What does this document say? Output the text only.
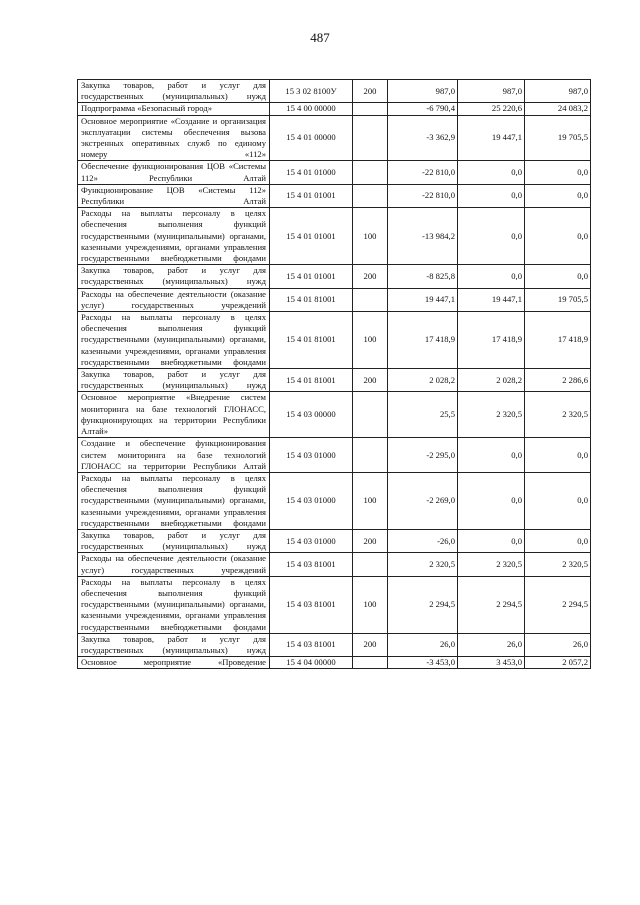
487
Закупка товаров, работ и услуг для государственных (муниципальных) нужд	15 3 02 8100У	200	987,0	987,0	987,0
Подпрограмма «Безопасный город»	15 4 00 00000		-6 790,4	25 220,6	24 083,2
Основное мероприятие «Создание и организация эксплуатации системы обеспечения вызова экстренных оперативных служб по единому номеру «112»	15 4 01 00000		-3 362,9	19 447,1	19 705,5
Обеспечение функционирования ЦОВ «Системы 112» Республики Алтай	15 4 01 01000		-22 810,0	0,0	0,0
Функционирование ЦОВ «Системы 112» Республики Алтай	15 4 01 01001		-22 810,0	0,0	0,0
Расходы на выплаты персоналу в целях обеспечения выполнения функций государственными (муниципальными) органами, казенными учреждениями, органами управления государственными внебюджетными фондами	15 4 01 01001	100	-13 984,2	0,0	0,0
Закупка товаров, работ и услуг для государственных (муниципальных) нужд	15 4 01 01001	200	-8 825,8	0,0	0,0
Расходы на обеспечение деятельности (оказание услуг) государственных учреждений	15 4 01 81001		19 447,1	19 447,1	19 705,5
Расходы на выплаты персоналу в целях обеспечения выполнения функций государственными (муниципальными) органами, казенными учреждениями, органами управления государственными внебюджетными фондами	15 4 01 81001	100	17 418,9	17 418,9	17 418,9
Закупка товаров, работ и услуг для государственных (муниципальных) нужд	15 4 01 81001	200	2 028,2	2 028,2	2 286,6
Основное мероприятие «Внедрение систем мониторинга на базе технологий ГЛОНАСС, функционирующих на территории Республики Алтай»	15 4 03 00000		25,5	2 320,5	2 320,5
Создание и обеспечение функционирования систем мониторинга на базе технологий ГЛОНАСС на территории Республики Алтай	15 4 03 01000		-2 295,0	0,0	0,0
Расходы на выплаты персоналу в целях обеспечения выполнения функций государственными (муниципальными) органами, казенными учреждениями, органами управления государственными внебюджетными фондами	15 4 03 01000	100	-2 269,0	0,0	0,0
Закупка товаров, работ и услуг для государственных (муниципальных) нужд	15 4 03 01000	200	-26,0	0,0	0,0
Расходы на обеспечение деятельности (оказание услуг) государственных учреждений	15 4 03 81001		2 320,5	2 320,5	2 320,5
Расходы на выплаты персоналу в целях обеспечения выполнения функций государственными (муниципальными) органами, казенными учреждениями, органами управления государственными внебюджетными фондами	15 4 03 81001	100	2 294,5	2 294,5	2 294,5
Закупка товаров, работ и услуг для государственных (муниципальных) нужд	15 4 03 81001	200	26,0	26,0	26,0
Основное мероприятие «Проведение	15 4 04 00000		-3 453,0	3 453,0	2 057,2
